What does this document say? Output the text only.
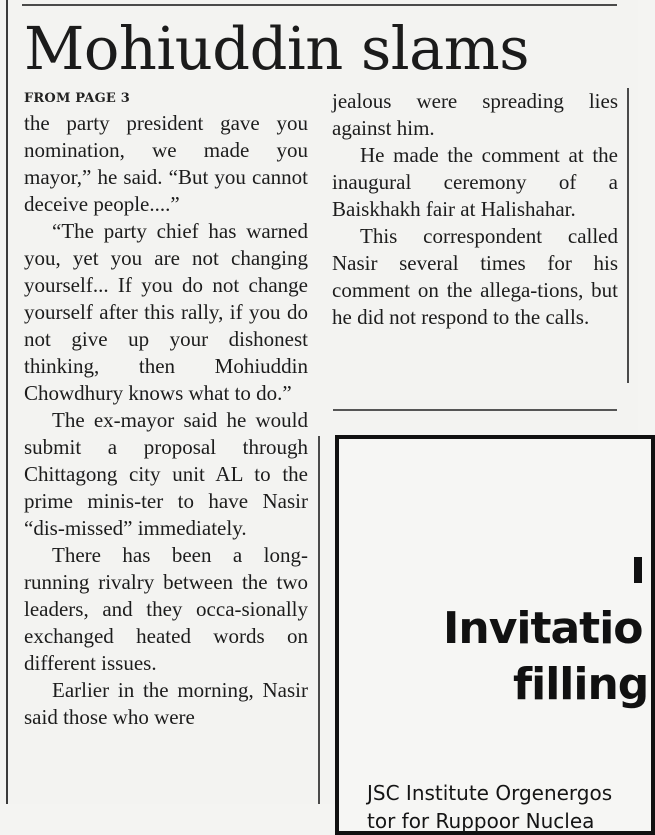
Mohiuddin slams
FROM PAGE 3

the party president gave you nomination, we made you mayor,” he said. “But you cannot deceive people....”

“The party chief has warned you, yet you are not changing yourself... If you do not change yourself after this rally, if you do not give up your dishonest thinking, then Mohiuddin Chowdhury knows what to do.”

The ex-mayor said he would submit a proposal through Chittagong city unit AL to the prime minis-ter to have Nasir “dis-missed” immediately.

There has been a long-running rivalry between the two leaders, and they occa-sionally exchanged heated words on different issues.

Earlier in the morning, Nasir said those who were

jealous were spreading lies against him.

He made the comment at the inaugural ceremony of a Baiskhakh fair at Halishahar.

This correspondent called Nasir several times for his comment on the allega-tions, but he did not respond to the calls.

Invitatio
filling
JSC Institute Orgenergos
tor for Ruppoor Nuclea
